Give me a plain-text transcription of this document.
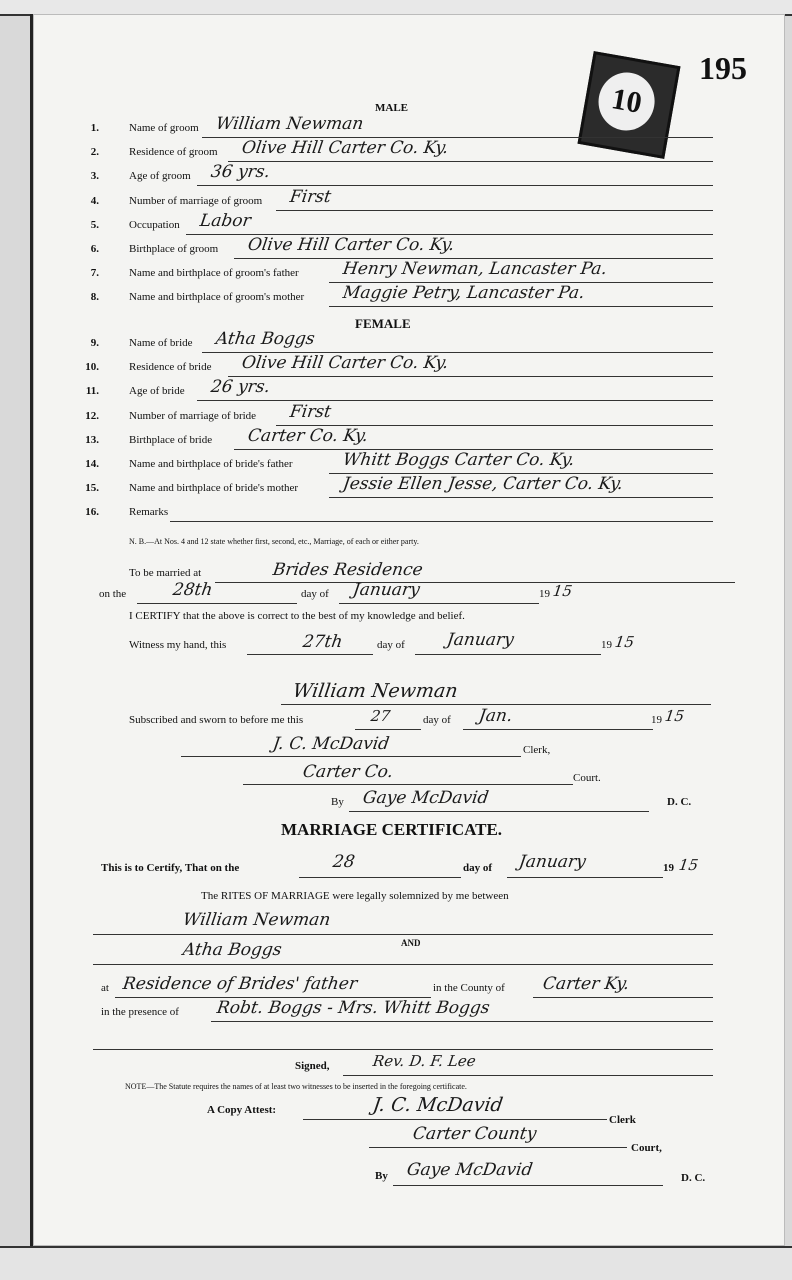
195
10
MALE
FEMALE
N. B.—At Nos. 4 and 12 state whether first, second, etc., Marriage, of each or either party.
To be married at	Brides Residence
on the	28th	day of January	19 15
I CERTIFY that the above is correct to the best of my knowledge and belief.
Witness my hand, this	27th	day of January	19 15
William Newman
Subscribed and sworn to before me this	27	day of Jan.	19 15
J. C. McDavid	Clerk,
Carter Co.	Court.
By Gaye McDavid	D. C.
MARRIAGE CERTIFICATE.
This is to Certify, That on the	28	day of January	19 15
The RITES OF MARRIAGE were legally solemnized by me between
William Newman
AND
Atha Boggs
at Residence of Brides' father	in the County of Carter Ky.
in the presence of Robt. Boggs - Mrs. Whitt Boggs
Signed,	Rev. D. F. Lee
NOTE—The Statute requires the names of at least two witnesses to be inserted in the foregoing certificate.
A Copy Attest:	J. C. McDavid
Clerk
Carter County
Court,
By Gaye McDavid	D. C.
1.	Name of groom William Newman
2.	Residence of groom Olive Hill Carter Co. Ky.
3.	Age of groom 36 yrs.
4.	Number of marriage of groom First
5.	Occupation Labor
6.	Birthplace of groom Olive Hill Carter Co. Ky.
7.	Name and birthplace of groom's father	Henry Newman, Lancaster Pa.
8.	Name and birthplace of groom's mother Maggie Petry, Lancaster Pa.
9.	Name of bride Atha Boggs
10.	Residence of bride Olive Hill Carter Co. Ky.
11.	Age of bride 26 yrs.
12.	Number of marriage of bride First
13.	Birthplace of bride Carter Co. Ky.
14.	Name and birthplace of bride's father	Whitt Boggs Carter Co. Ky.
15.	Name and birthplace of bride's mother	Jessie Ellen Jesse, Carter Co. Ky.
16.	Remarks
